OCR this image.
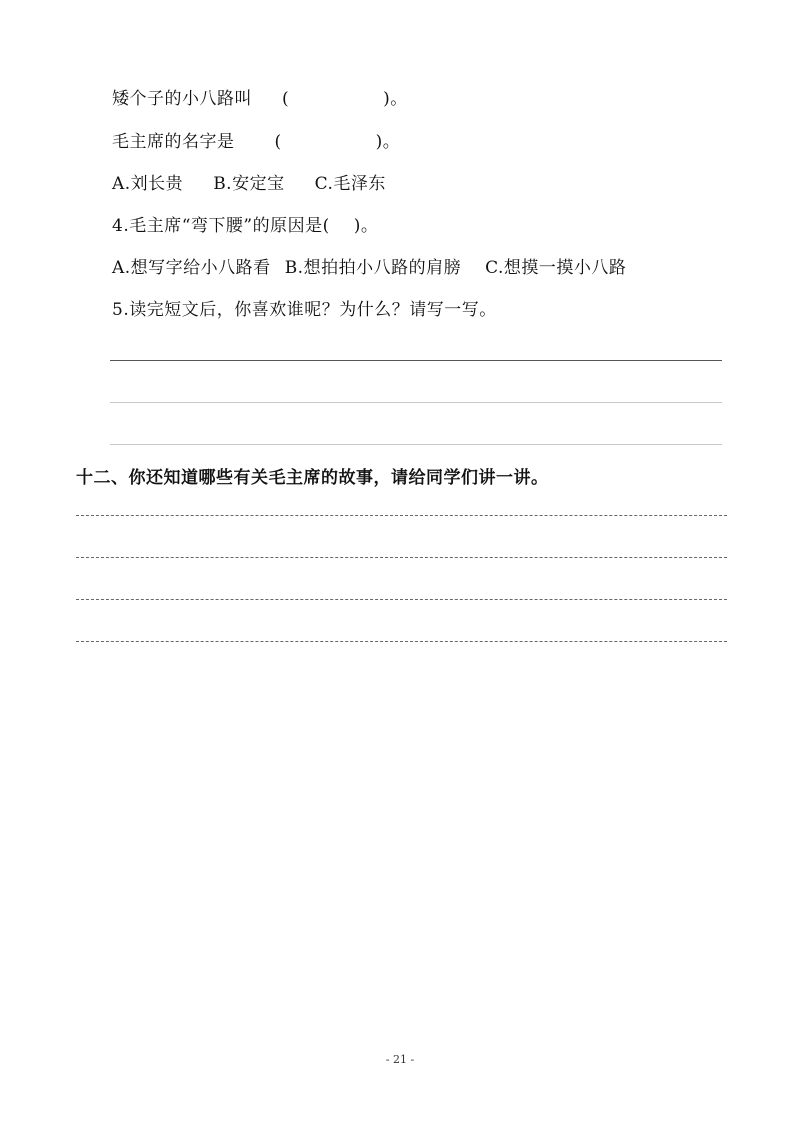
矮个子的小八路叫 (	)。
毛主席的名字是 (	)。
A.刘长贵 B.安定宝 C.毛泽东
4.毛主席“弯下腰”的原因是( )。
A.想写字给小八路看 B.想拍拍小八路的肩膀 C.想摸一摸小八路
5.读完短文后，你喜欢谁呢？为什么？请写一写。
十二、你还知道哪些有关毛主席的故事，请给同学们讲一讲。
- 21 -
